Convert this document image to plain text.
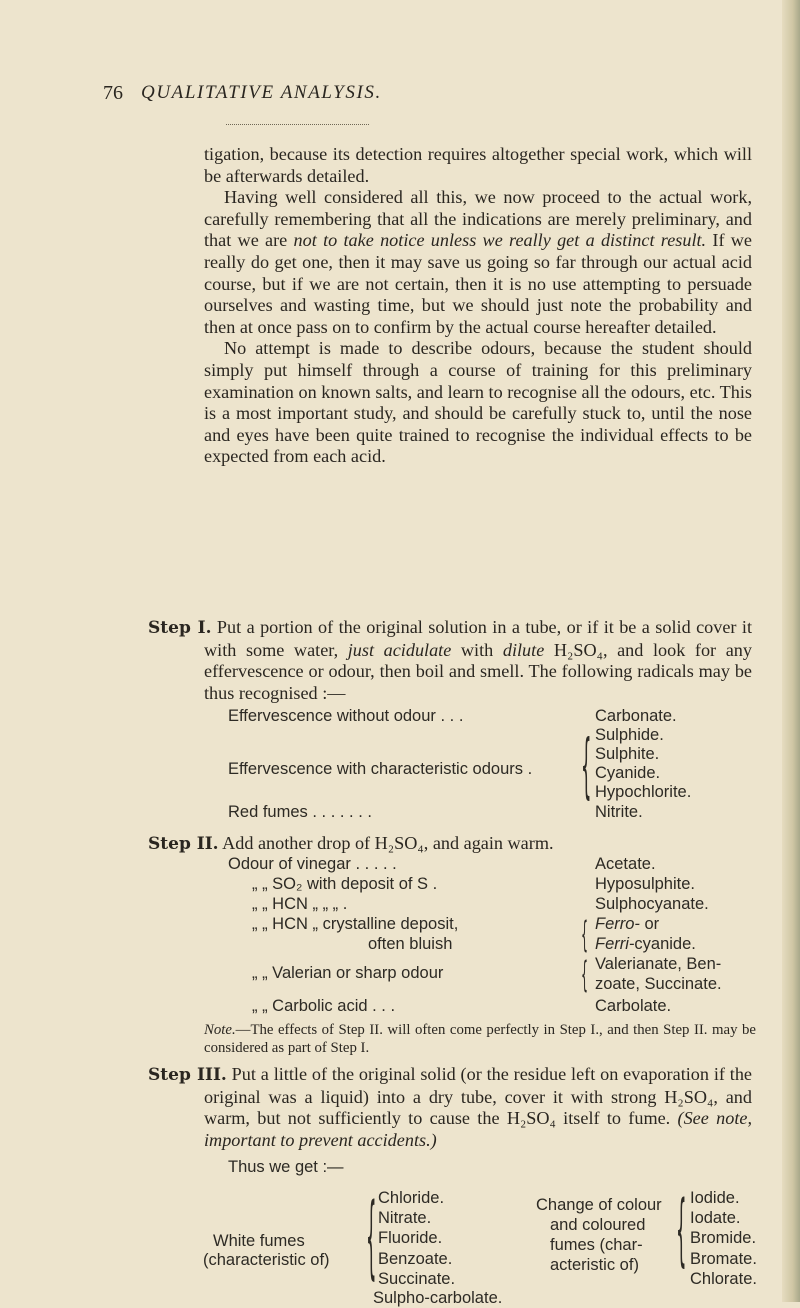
76 QUALITATIVE ANALYSIS.

tigation, because its detection requires altogether special work, which will be afterwards detailed.

Having well considered all this, we now proceed to the actual work, carefully remembering that all the indications are merely preliminary, and that we are not to take notice unless we really get a distinct result. If we really do get one, then it may save us going so far through our actual acid course, but if we are not certain, then it is no use attempting to persuade ourselves and wasting time, but we should just note the probability and then at once pass on to confirm by the actual course hereafter detailed.

No attempt is made to describe odours, because the student should simply put himself through a course of training for this preliminary examination on known salts, and learn to recognise all the odours, etc. This is a most important study, and should be carefully stuck to, until the nose and eyes have been quite trained to recognise the individual effects to be expected from each acid.

Step I. Put a portion of the original solution in a tube, or if it be a solid cover it with some water, just acidulate with dilute H₂SO₄, and look for any effervescence or odour, then boil and smell. The following radicals may be thus recognised :—

Effervescence without odour . . .	Carbonate.
Effervescence with characteristic odours . { Sulphide.
Sulphite.
Cyanide.
Hypochlorite.
Red fumes . . . . . . .	Nitrite.

Step II. Add another drop of H₂SO₄, and again warm.

Odour of vinegar . . . . .	Acetate.
„ „ SO₂ with deposit of S .	Hyposulphite.
„ „ HCN „ „ „ .	Sulphocyanate.
„ „ HCN „ crystalline deposit,
often bluish	{ Ferro- or
Ferri-cyanide.
„ „ Valerian or sharp odour	{ Valerianate, Ben-
zoate, Succinate.
„ „ Carbolic acid . . .	Carbolate.
Note.—The effects of Step II. will often come perfectly in Step I., and then Step II. may be considered as part of Step I.

Step III. Put a little of the original solid (or the residue left on evaporation if the original was a liquid) into a dry tube, cover it with strong H₂SO₄, and warm, but not sufficiently to cause the H₂SO₄ itself to fume. (See note, important to prevent accidents.)

Thus we get :—
White fumes
(characteristic of) { Chloride.
Nitrate.
Fluoride.
Benzoate.
Succinate.
Sulpho-carbolate.
Change of colour
and coloured
fumes (char-
acteristic of) { Iodide.
Iodate.
Bromide.
Bromate.
Chlorate.
